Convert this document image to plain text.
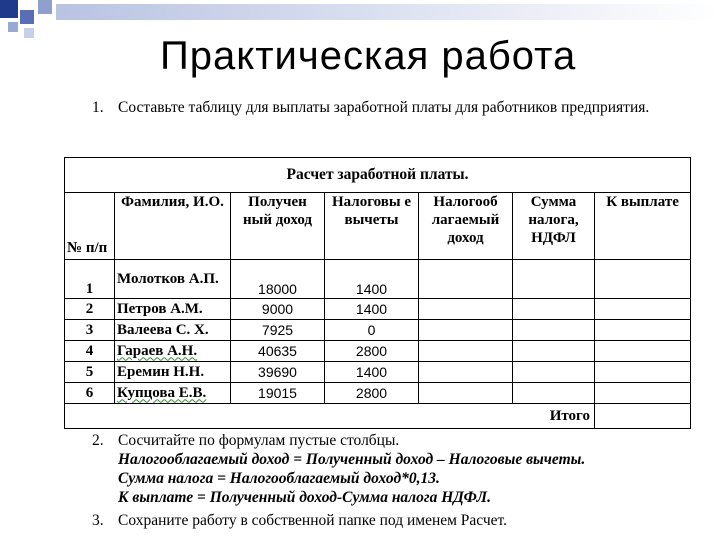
Практическая работа
1. Составьте таблицу для выплаты заработной платы для работников предприятия.
Расчет заработной платы.						
№ п/п	Фамилия, И.О.	Получен ный доход	Налоговы е вычеты	Налогооб лагаемый доход	Сумма налога, НДФЛ	К выплате
1	Молотков А.П.	18000	1400			
2	Петров А.М.	9000	1400			
3	Валеева С. Х.	7925	0			
4	Гараев А.Н.	40635	2800			
5	Еремин Н.Н.	39690	1400			
6	Купцова Е.В.	19015	2800			
Итого						
2. Сосчитайте по формулам пустые столбцы.
Налогооблагаемый доход = Полученный доход – Налоговые вычеты.
Сумма налога = Налогооблагаемый доход*0,13.
К выплате = Полученный доход-Сумма налога НДФЛ.
3. Сохраните работу в собственной папке под именем Расчет.
